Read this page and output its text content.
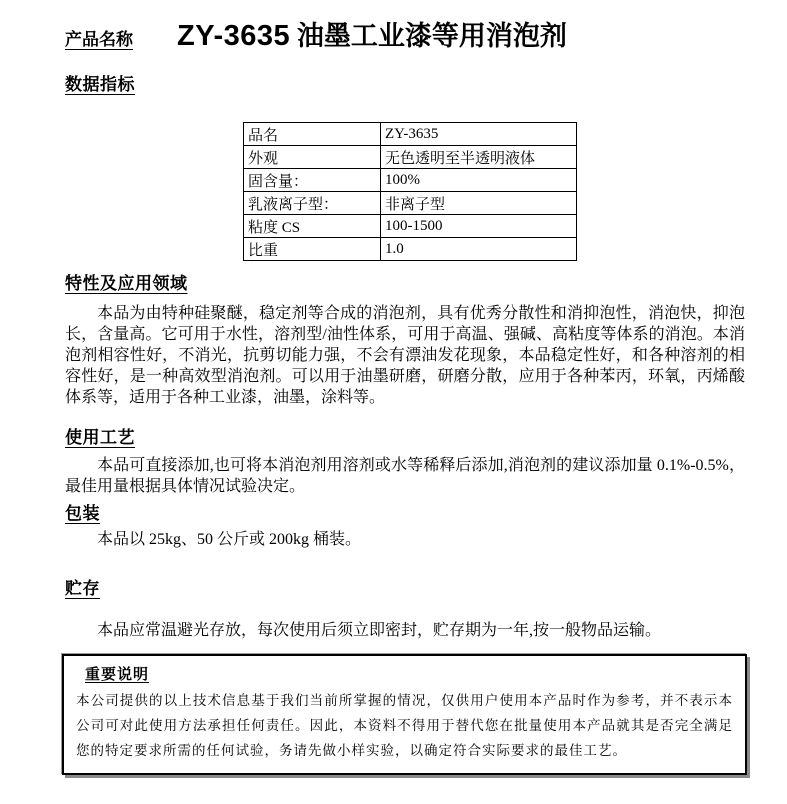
产品名称 ZY-3635 油墨工业漆等用消泡剂
数据指标
品名	ZY-3635
外观	无色透明至半透明液体
固含量：	100%
乳液离子型：	非离子型
粘度 CS	100-1500
比重	1.0
特性及应用领域

本品为由特种硅聚醚，稳定剂等合成的消泡剂，具有优秀分散性和消抑泡性，消泡快，抑泡长，含量高。它可用于水性，溶剂型/油性体系，可用于高温、强碱、高粘度等体系的消泡。本消泡剂相容性好，不消光，抗剪切能力强，不会有漂油发花现象，本品稳定性好，和各种溶剂的相容性好，是一种高效型消泡剂。可以用于油墨研磨，研磨分散，应用于各种苯丙，环氧，丙烯酸体系等，适用于各种工业漆，油墨，涂料等。

使用工艺

本品可直接添加,也可将本消泡剂用溶剂或水等稀释后添加,消泡剂的建议添加量 0.1%-0.5%，最佳用量根据具体情况试验决定。

包装

本品以 25kg、50 公斤或 200kg 桶装。

贮存

本品应常温避光存放，每次使用后须立即密封，贮存期为一年,按一般物品运输。

重要说明
本公司提供的以上技术信息基于我们当前所掌握的情况，仅供用户使用本产品时作为参考，并不表示本公司可对此使用方法承担任何责任。因此，本资料不得用于替代您在批量使用本产品就其是否完全满足您的特定要求所需的任何试验，务请先做小样实验，以确定符合实际要求的最佳工艺。
